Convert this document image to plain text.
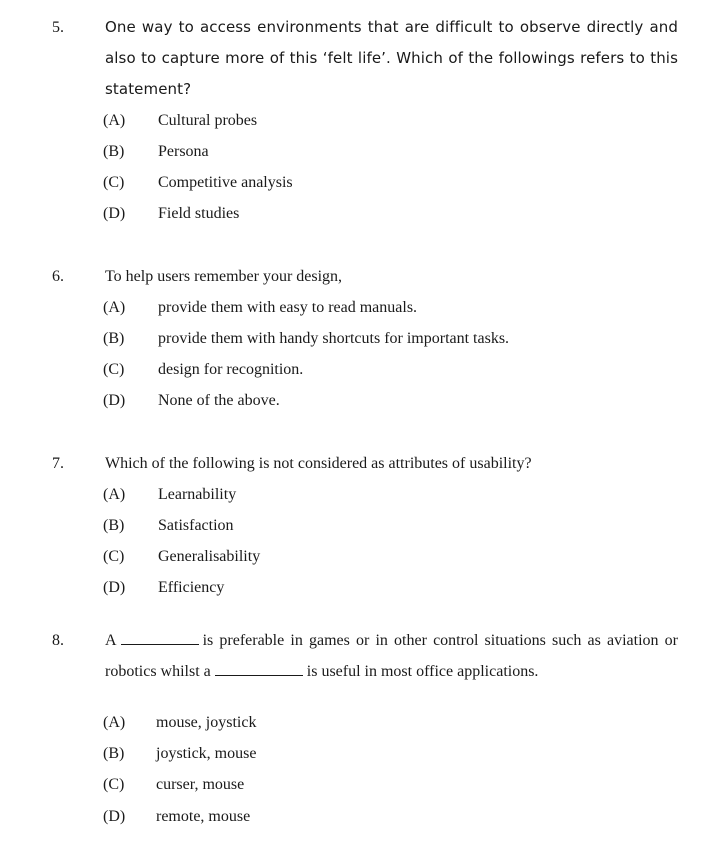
5.	One way to access environments that are difficult to observe directly and also to capture more of this ‘felt life’. Which of the followings refers to this statement?
(A)	Cultural probes
(B)	Persona
(C)	Competitive analysis
(D)	Field studies
6.	To help users remember your design,
(A)	provide them with easy to read manuals.
(B)	provide them with handy shortcuts for important tasks.
(C)	design for recognition.
(D)	None of the above.
7.	Which of the following is not considered as attributes of usability?
(A)	Learnability
(B)	Satisfaction
(C)	Generalisability
(D)	Efficiency
8.	A	is preferable in games or in other control situations such as aviation or robotics whilst a	is useful in most office applications.
(A)	mouse, joystick
(B)	joystick, mouse
(C)	curser, mouse
(D)	remote, mouse
